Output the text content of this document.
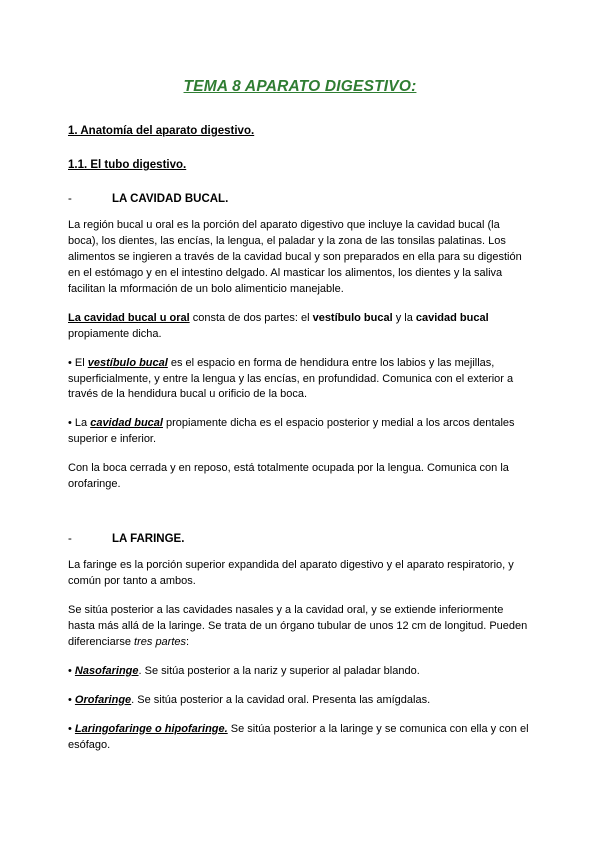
TEMA 8 APARATO DIGESTIVO:
1. Anatomía del aparato digestivo.
1.1. El tubo digestivo.
-	LA CAVIDAD BUCAL.

La región bucal u oral es la porción del aparato digestivo que incluye la cavidad bucal (la boca), los dientes, las encías, la lengua, el paladar y la zona de las tonsilas palatinas. Los alimentos se ingieren a través de la cavidad bucal y son preparados en ella para su digestión en el estómago y en el intestino delgado. Al masticar los alimentos, los dientes y la saliva facilitan la mformación de un bolo alimenticio manejable.

La cavidad bucal u oral consta de dos partes: el vestíbulo bucal y la cavidad bucal propiamente dicha.

• El vestíbulo bucal es el espacio en forma de hendidura entre los labios y las mejillas, superficialmente, y entre la lengua y las encías, en profundidad. Comunica con el exterior a través de la hendidura bucal u orificio de la boca.

• La cavidad bucal propiamente dicha es el espacio posterior y medial a los arcos dentales superior e inferior.

Con la boca cerrada y en reposo, está totalmente ocupada por la lengua. Comunica con la orofaringe.

-	LA FARINGE.

La faringe es la porción superior expandida del aparato digestivo y el aparato respiratorio, y común por tanto a ambos.

Se sitúa posterior a las cavidades nasales y a la cavidad oral, y se extiende inferiormente hasta más allá de la laringe. Se trata de un órgano tubular de unos 12 cm de longitud. Pueden diferenciarse tres partes:

• Nasofaringe. Se sitúa posterior a la nariz y superior al paladar blando.

• Orofaringe. Se sitúa posterior a la cavidad oral. Presenta las amígdalas.

• Laringofaringe o hipofaringe. Se sitúa posterior a la laringe y se comunica con ella y con el esófago.
